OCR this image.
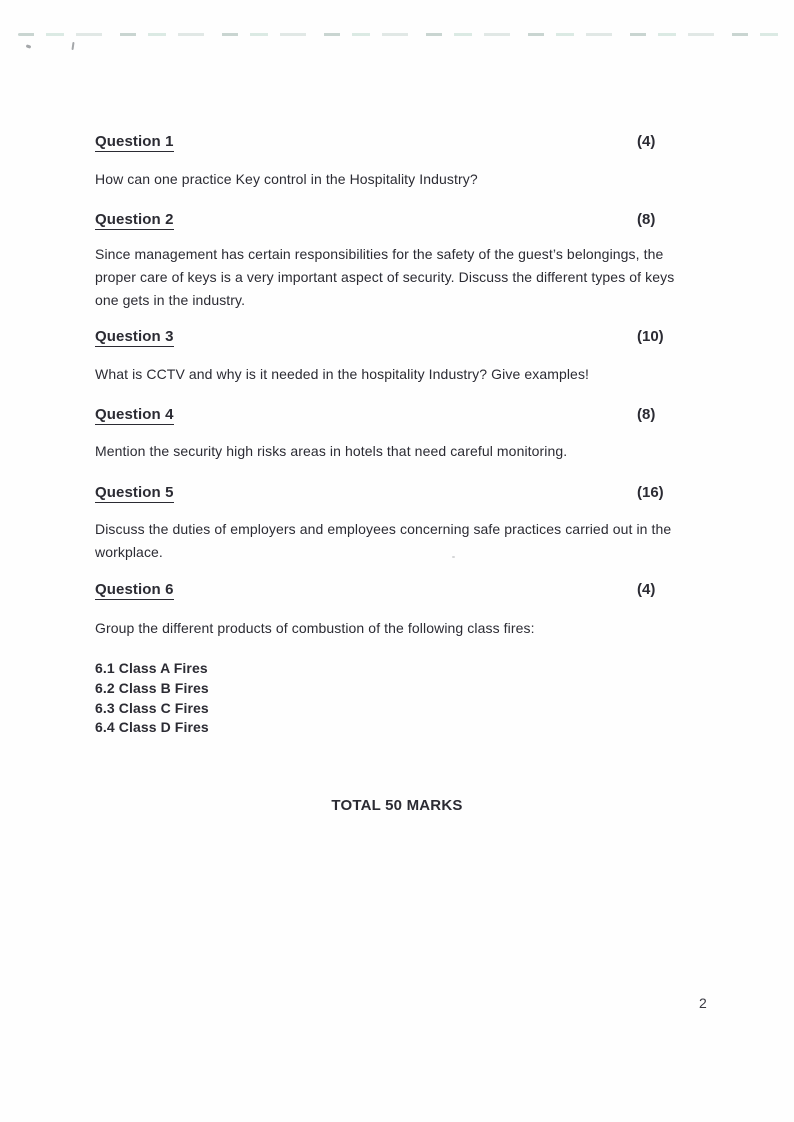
Question 1	(4)

How can one practice Key control in the Hospitality Industry?

Question 2	(8)

Since management has certain responsibilities for the safety of the guest’s belongings, the proper care of keys is a very important aspect of security. Discuss the different types of keys one gets in the industry.

Question 3	(10)

What is CCTV and why is it needed in the hospitality Industry? Give examples!

Question 4	(8)

Mention the security high risks areas in hotels that need careful monitoring.

Question 5	(16)

Discuss the duties of employers and employees concerning safe practices carried out in the workplace.

Question 6	(4)

Group the different products of combustion of the following class fires:

6.1 Class A Fires
6.2 Class B Fires
6.3 Class C Fires
6.4 Class D Fires
TOTAL 50 MARKS
2
